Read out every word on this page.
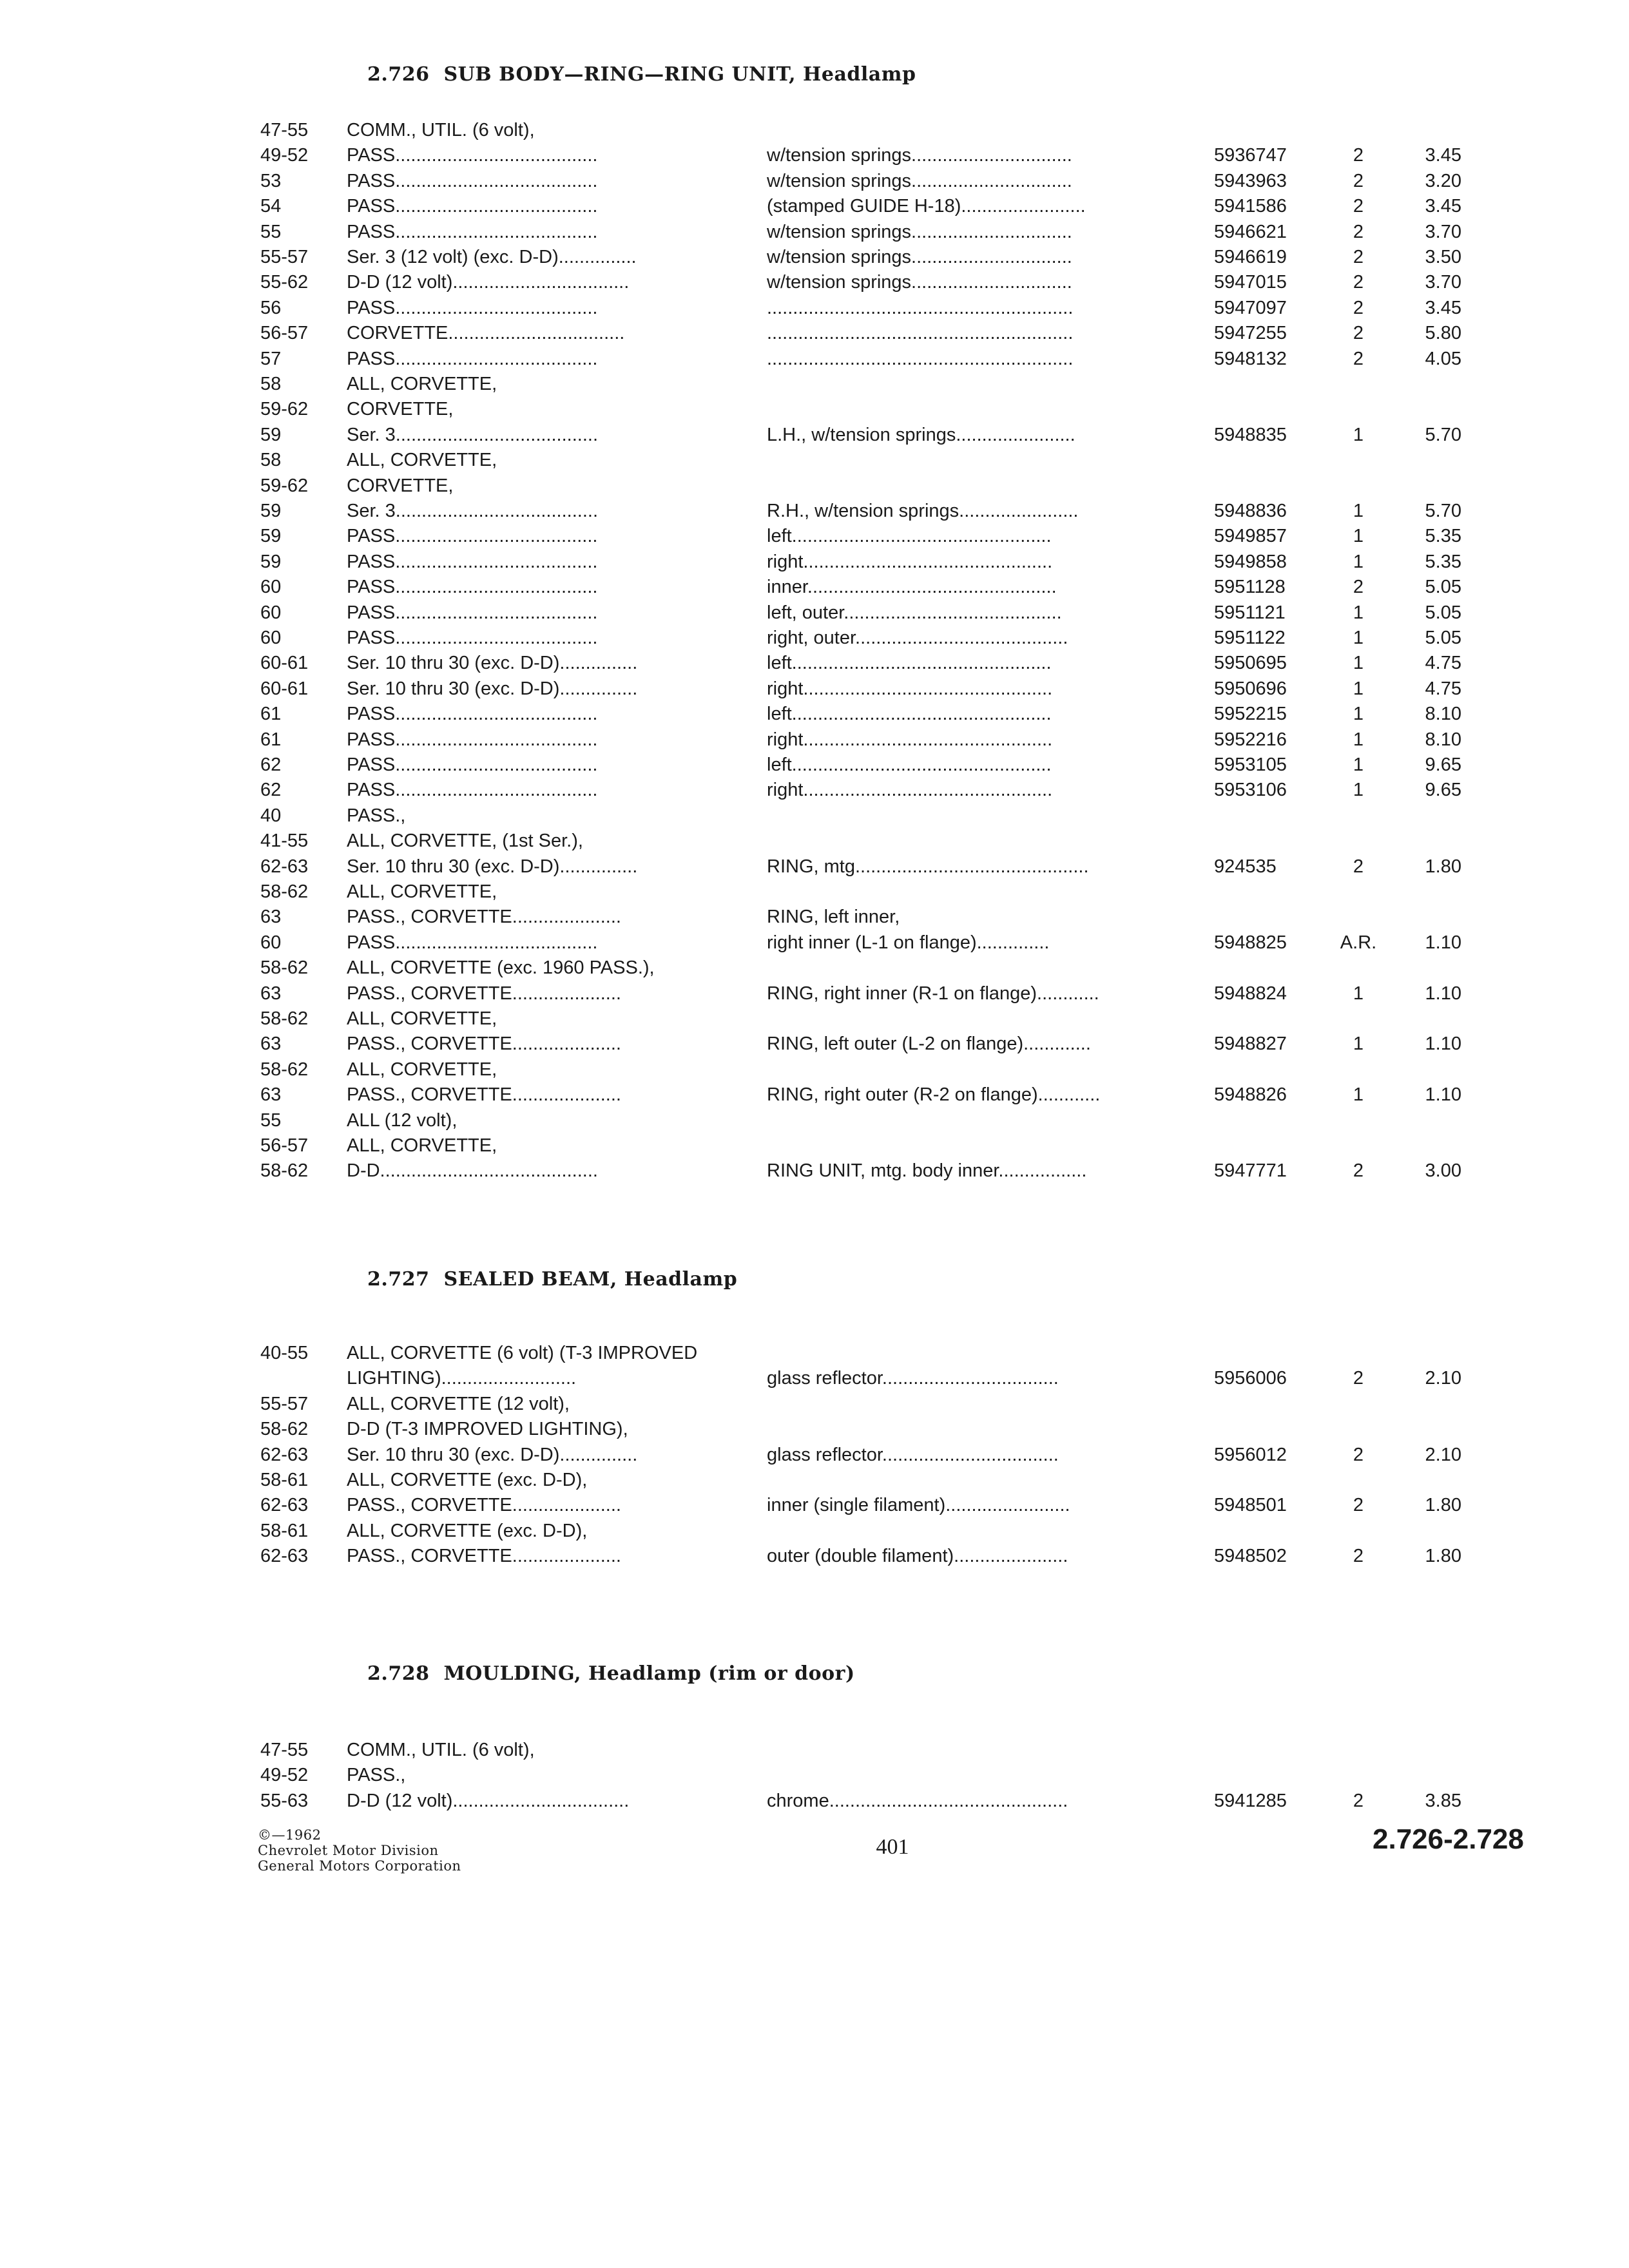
2.726 SUB BODY—RING—RING UNIT, Headlamp
47-55	COMM., UTIL. (6 volt),
49-52	PASS.......................................	w/tension springs...............................	5936747	2	3.45
53	PASS.......................................	w/tension springs...............................	5943963	2	3.20
54	PASS.......................................	(stamped GUIDE H-18)........................	5941586	2	3.45
55	PASS.......................................	w/tension springs...............................	5946621	2	3.70
55-57	Ser. 3 (12 volt) (exc. D-D)...............	w/tension springs...............................	5946619	2	3.50
55-62	D-D (12 volt)..................................	w/tension springs...............................	5947015	2	3.70
56	PASS.......................................	...........................................................	5947097	2	3.45
56-57	CORVETTE..................................	...........................................................	5947255	2	5.80
57	PASS.......................................	...........................................................	5948132	2	4.05
58	ALL, CORVETTE,
59-62	CORVETTE,
59	Ser. 3.......................................	L.H., w/tension springs.......................	5948835	1	5.70
58	ALL, CORVETTE,
59-62	CORVETTE,
59	Ser. 3.......................................	R.H., w/tension springs.......................	5948836	1	5.70
59	PASS.......................................	left..................................................	5949857	1	5.35
59	PASS.......................................	right................................................	5949858	1	5.35
60	PASS.......................................	inner................................................	5951128	2	5.05
60	PASS.......................................	left, outer..........................................	5951121	1	5.05
60	PASS.......................................	right, outer.........................................	5951122	1	5.05
60-61	Ser. 10 thru 30 (exc. D-D)...............	left..................................................	5950695	1	4.75
60-61	Ser. 10 thru 30 (exc. D-D)...............	right................................................	5950696	1	4.75
61	PASS.......................................	left..................................................	5952215	1	8.10
61	PASS.......................................	right................................................	5952216	1	8.10
62	PASS.......................................	left..................................................	5953105	1	9.65
62	PASS.......................................	right................................................	5953106	1	9.65
40	PASS.,
41-55	ALL, CORVETTE, (1st Ser.),
62-63	Ser. 10 thru 30 (exc. D-D)...............	RING, mtg.............................................	924535	2	1.80
58-62	ALL, CORVETTE,
63	PASS., CORVETTE.....................	RING, left inner,
60	PASS.......................................	right inner (L-1 on flange)..............	5948825	A.R.	1.10
58-62	ALL, CORVETTE (exc. 1960 PASS.),
63	PASS., CORVETTE.....................	RING, right inner (R-1 on flange)............	5948824	1	1.10
58-62	ALL, CORVETTE,
63	PASS., CORVETTE.....................	RING, left outer (L-2 on flange).............	5948827	1	1.10
58-62	ALL, CORVETTE,
63	PASS., CORVETTE.....................	RING, right outer (R-2 on flange)............	5948826	1	1.10
55	ALL (12 volt),
56-57	ALL, CORVETTE,
58-62	D-D..........................................	RING UNIT, mtg. body inner.................	5947771	2	3.00
2.727 SEALED BEAM, Headlamp
40-55	ALL, CORVETTE (6 volt) (T-3 IMPROVED
LIGHTING)..........................	glass reflector..................................	5956006	2	2.10
55-57	ALL, CORVETTE (12 volt),
58-62	D-D (T-3 IMPROVED LIGHTING),
62-63	Ser. 10 thru 30 (exc. D-D)...............	glass reflector..................................	5956012	2	2.10
58-61	ALL, CORVETTE (exc. D-D),
62-63	PASS., CORVETTE.....................	inner (single filament)........................	5948501	2	1.80
58-61	ALL, CORVETTE (exc. D-D),
62-63	PASS., CORVETTE.....................	outer (double filament)......................	5948502	2	1.80
2.728 MOULDING, Headlamp (rim or door)
47-55	COMM., UTIL. (6 volt),
49-52	PASS.,
55-63	D-D (12 volt)..................................	chrome..............................................	5941285	2	3.85
©—1962
Chevrolet Motor Division
General Motors Corporation
401	2.726-2.728
